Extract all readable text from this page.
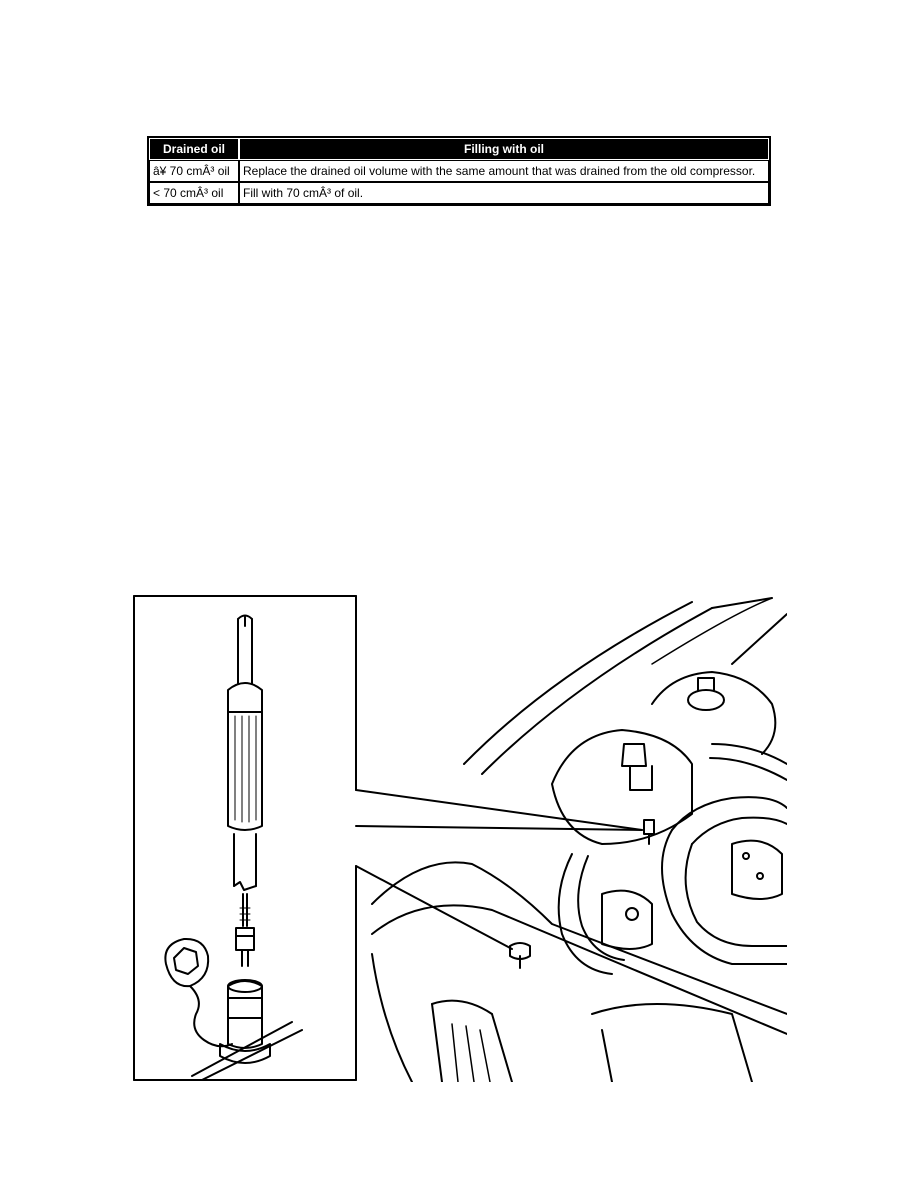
Drained oil	Filling with oil
â¥ 70 cmÂ³ oil	Replace the drained oil volume with the same amount that was drained from the old compressor.
< 70 cmÂ³ oil	Fill with 70 cmÂ³ of oil.
